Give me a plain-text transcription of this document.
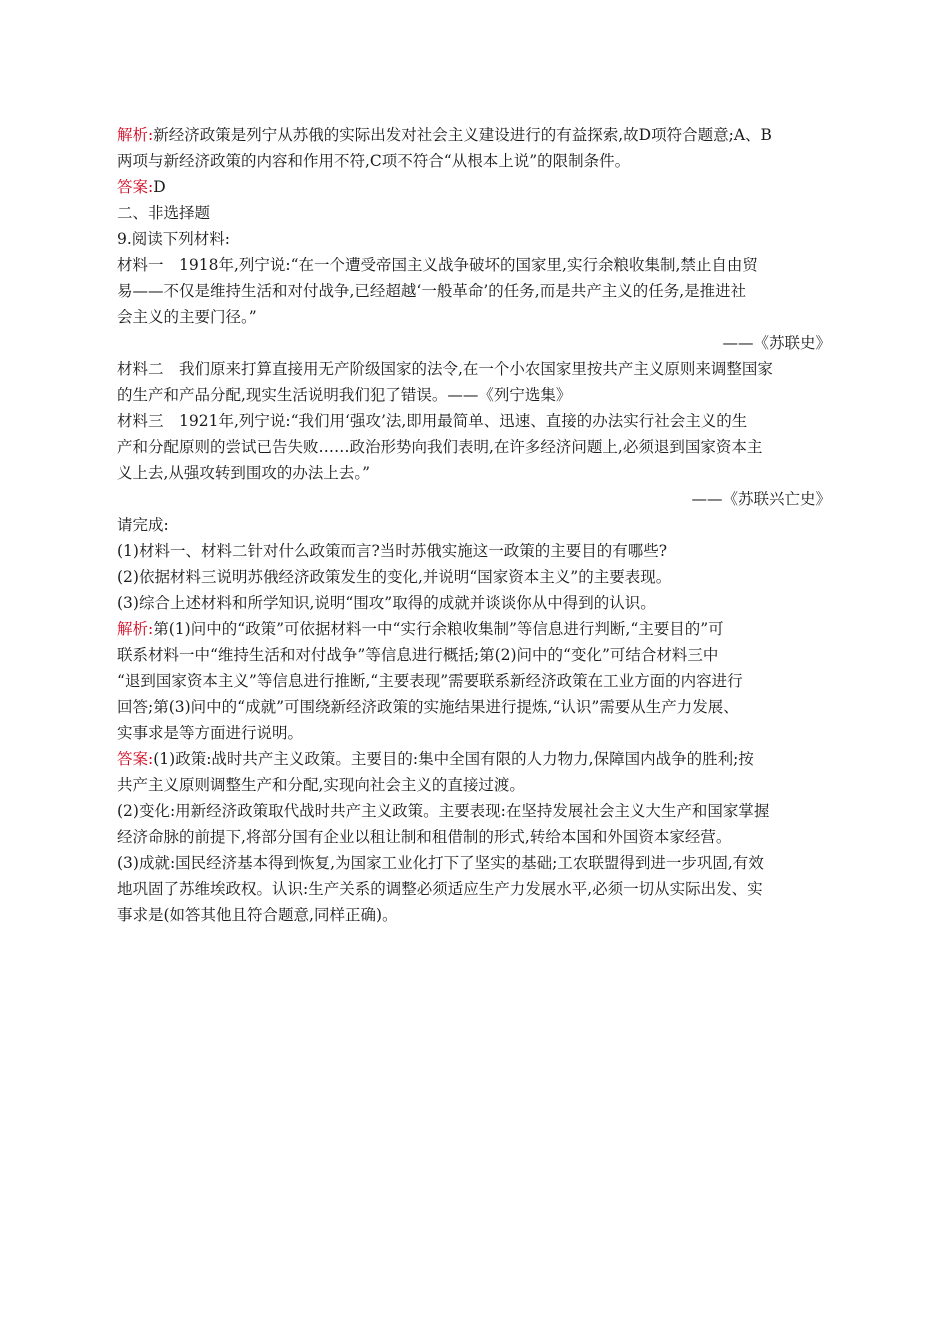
解析:新经济政策是列宁从苏俄的实际出发对社会主义建设进行的有益探索,故D项符合题意;A、B
两项与新经济政策的内容和作用不符,C项不符合“从根本上说”的限制条件。
答案:D
二、非选择题
9.阅读下列材料:
材料一　1918年,列宁说:“在一个遭受帝国主义战争破坏的国家里,实行余粮收集制,禁止自由贸
易——不仅是维持生活和对付战争,已经超越‘一般革命’的任务,而是共产主义的任务,是推进社
会主义的主要门径。”
——《苏联史》
材料二　我们原来打算直接用无产阶级国家的法令,在一个小农国家里按共产主义原则来调整国家
的生产和产品分配,现实生活说明我们犯了错误。——《列宁选集》
材料三　1921年,列宁说:“我们用‘强攻’法,即用最简单、迅速、直接的办法实行社会主义的生
产和分配原则的尝试已告失败……政治形势向我们表明,在许多经济问题上,必须退到国家资本主
义上去,从强攻转到围攻的办法上去。”
——《苏联兴亡史》
请完成:
(1)材料一、材料二针对什么政策而言?当时苏俄实施这一政策的主要目的有哪些?
(2)依据材料三说明苏俄经济政策发生的变化,并说明“国家资本主义”的主要表现。
(3)综合上述材料和所学知识,说明“围攻”取得的成就并谈谈你从中得到的认识。
解析:第(1)问中的“政策”可依据材料一中“实行余粮收集制”等信息进行判断,“主要目的”可
联系材料一中“维持生活和对付战争”等信息进行概括;第(2)问中的“变化”可结合材料三中
“退到国家资本主义”等信息进行推断,“主要表现”需要联系新经济政策在工业方面的内容进行
回答;第(3)问中的“成就”可围绕新经济政策的实施结果进行提炼,“认识”需要从生产力发展、
实事求是等方面进行说明。
答案:(1)政策:战时共产主义政策。主要目的:集中全国有限的人力物力,保障国内战争的胜利;按
共产主义原则调整生产和分配,实现向社会主义的直接过渡。
(2)变化:用新经济政策取代战时共产主义政策。主要表现:在坚持发展社会主义大生产和国家掌握
经济命脉的前提下,将部分国有企业以租让制和租借制的形式,转给本国和外国资本家经营。
(3)成就:国民经济基本得到恢复,为国家工业化打下了坚实的基础;工农联盟得到进一步巩固,有效
地巩固了苏维埃政权。认识:生产关系的调整必须适应生产力发展水平,必须一切从实际出发、实
事求是(如答其他且符合题意,同样正确)。
